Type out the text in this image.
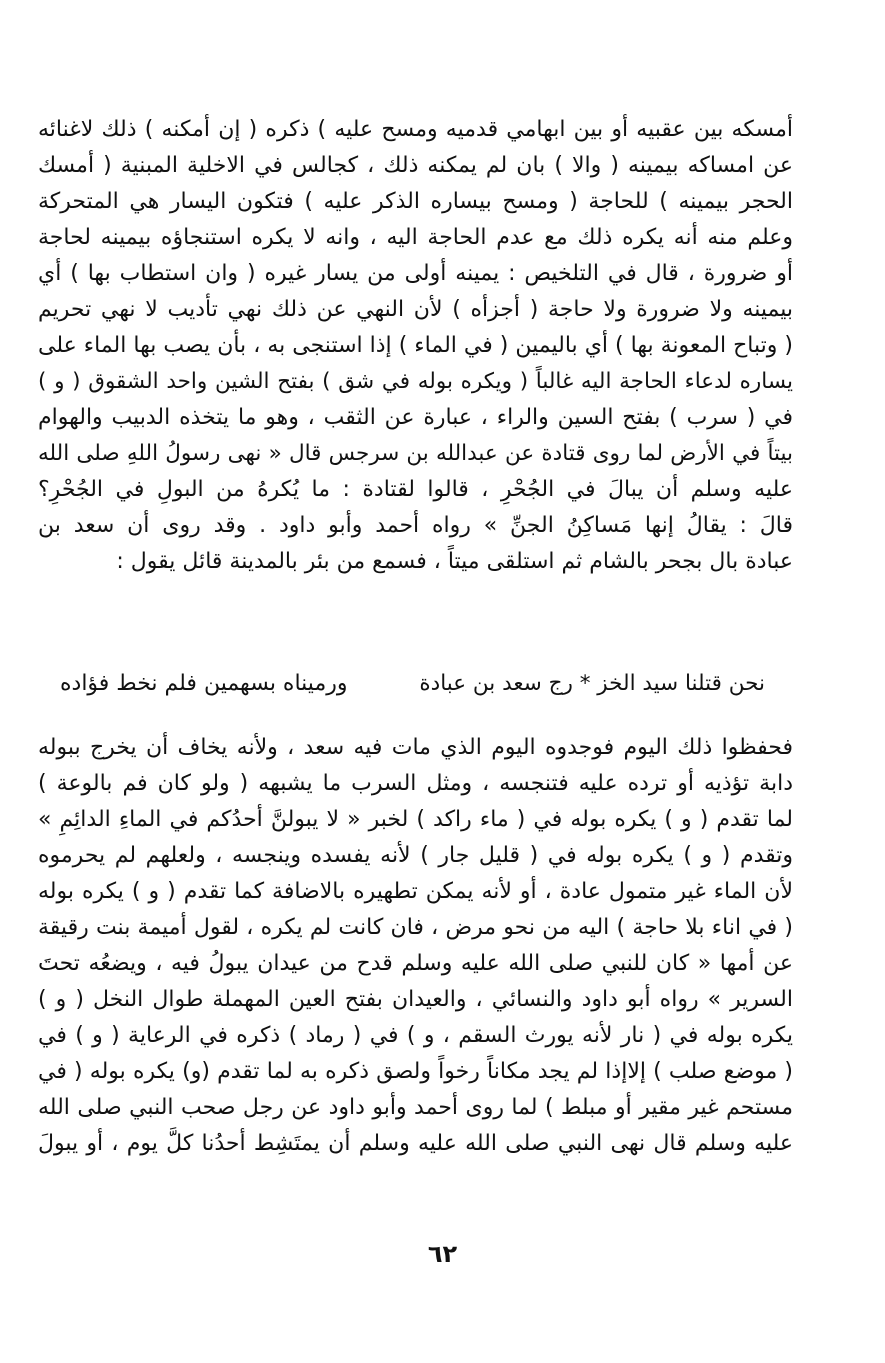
أمسكه بين عقبيه أو بين ابهامي قدميه ومسح عليه ) ذكره ( إن أمكنه ) ذلك لاغنائه
عن امساكه بيمينه ( والا ) بان لم يمكنه ذلك ، كجالس في الاخلية المبنية ( أمسك
الحجر بيمينه ) للحاجة ( ومسح بيساره الذكر عليه ) فتكون اليسار هي المتحركة
وعلم منه أنه يكره ذلك مع عدم الحاجة اليه ، وانه لا يكره استنجاؤه بيمينه لحاجة
أو ضرورة ، قال في التلخيص : يمينه أولى من يسار غيره ( وان استطاب بها ) أي
بيمينه ولا ضرورة ولا حاجة ( أجزأه ) لأن النهي عن ذلك نهي تأديب لا نهي تحريم
( وتباح المعونة بها ) أي باليمين ( في الماء ) إذا استنجى به ، بأن يصب بها الماء على
يساره لدعاء الحاجة اليه غالباً ( ويكره بوله في شق ) بفتح الشين واحد الشقوق ( و )
في ( سرب ) بفتح السين والراء ، عبارة عن الثقب ، وهو ما يتخذه الدبيب والهوام
بيتاً في الأرض لما روى قتادة عن عبدالله بن سرجس قال « نهى رسولُ اللهِ صلى الله
عليه وسلم أن يبالَ في الجُحْرِ ، قالوا لقتادة : ما يُكرهُ من البولِ في الجُحْرِ؟
قالَ : يقالُ إنها مَساكِنُ الجنِّ » رواه أحمد وأبو داود . وقد روى أن سعد بن
عبادة بال بجحر بالشام ثم استلقى ميتاً ، فسمع من بئر بالمدينة قائل يقول :
نحن قتلنا سيد الخز * رج سعد بن عبادة
ورميناه بسهمين فلم نخط فؤاده
فحفظوا ذلك اليوم فوجدوه اليوم الذي مات فيه سعد ، ولأنه يخاف أن يخرج ببوله
دابة تؤذيه أو ترده عليه فتنجسه ، ومثل السرب ما يشبهه ( ولو كان فم بالوعة )
لما تقدم ( و ) يكره بوله في ( ماء راكد ) لخبر « لا يبولنَّ أحدُكم في الماءِ الدائِمِ »
وتقدم ( و ) يكره بوله في ( قليل جار ) لأنه يفسده وينجسه ، ولعلهم لم يحرموه
لأن الماء غير متمول عادة ، أو لأنه يمكن تطهيره بالاضافة كما تقدم ( و ) يكره بوله
( في اناء بلا حاجة ) اليه من نحو مرض ، فان كانت لم يكره ، لقول أميمة بنت رقيقة
عن أمها « كان للنبي صلى الله عليه وسلم قدح من عيدان يبولُ فيه ، ويضعُه تحتَ
السرير » رواه أبو داود والنسائي ، والعيدان بفتح العين المهملة طوال النخل ( و )
يكره بوله في ( نار لأنه يورث السقم ، و ) في ( رماد ) ذكره في الرعاية ( و ) في
( موضع صلب ) إلاإذا لم يجد مكاناً رخواً ولصق ذكره به لما تقدم (و) يكره بوله ( في
مستحم غير مقير أو مبلط ) لما روى أحمد وأبو داود عن رجل صحب النبي صلى الله
عليه وسلم قال نهى النبي صلى الله عليه وسلم أن يمتَشِط أحدُنا كلَّ يوم ، أو يبولَ
٦٢
